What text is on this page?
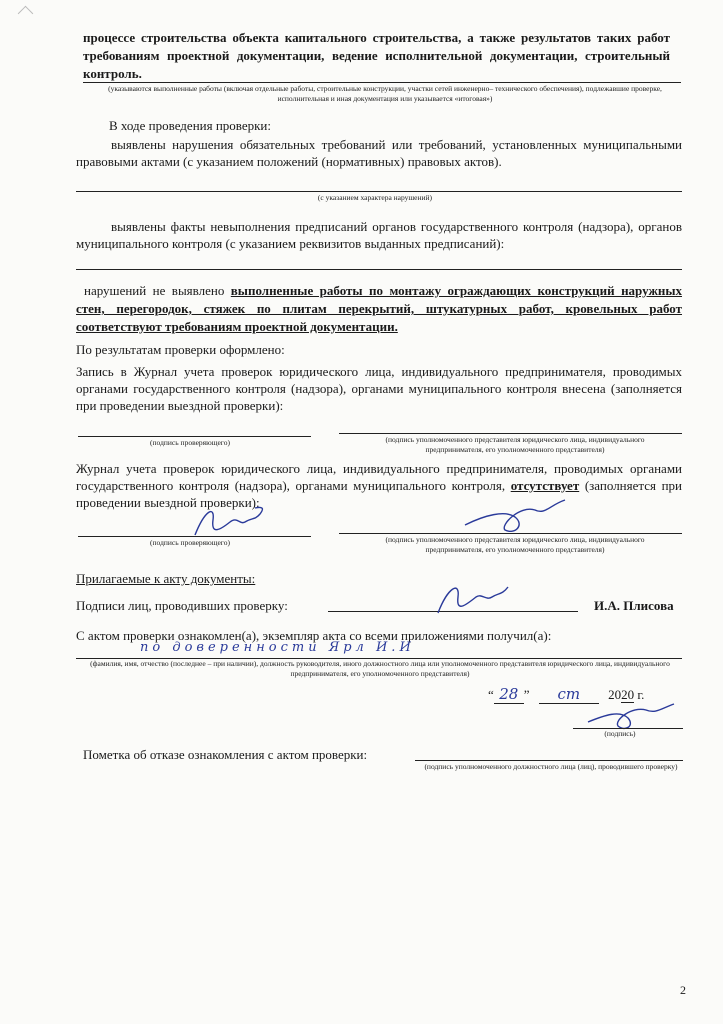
процессе строительства объекта капитального строительства, а также результатов таких работ требованиям проектной документации, ведение исполнительной документации, строительный контроль.
(указываются выполненные работы (включая отдельные работы, строительные конструкции, участки сетей инженерно– технического обеспечения), подлежавшие проверке, исполнительная и иная документация или указывается «итоговая»)
В ходе проведения проверки:
выявлены нарушения обязательных требований или требований, установленных муниципальными правовыми актами (с указанием положений (нормативных) правовых актов).
(с указанием характера нарушений)
выявлены факты невыполнения предписаний органов государственного контроля (надзора), органов муниципального контроля (с указанием реквизитов выданных предписаний):
нарушений не выявлено выполненные работы по монтажу ограждающих конструкций наружных стен, перегородок, стяжек по плитам перекрытий, штукатурных работ, кровельных работ соответствуют требованиям проектной документации.
По результатам проверки оформлено:
Запись в Журнал учета проверок юридического лица, индивидуального предпринимателя, проводимых органами государственного контроля (надзора), органами муниципального контроля внесена (заполняется при проведении выездной проверки):
(подпись проверяющего)	(подпись уполномоченного представителя юридического лица, индивидуального предпринимателя, его уполномоченного представителя)
Журнал учета проверок юридического лица, индивидуального предпринимателя, проводимых органами государственного контроля (надзора), органами муниципального контроля, отсутствует (заполняется при проведении выездной проверки):
(подпись проверяющего)	(подпись уполномоченного представителя юридического лица, индивидуального предпринимателя, его уполномоченного представителя)
Прилагаемые к акту документы:
Подписи лиц, проводивших проверку:	И.А. Плисова
С актом проверки ознакомлен(а), экземпляр акта со всеми приложениями получил(а):
по доверенности Ярл И.И
(фамилия, имя, отчество (последнее – при наличии), должность руководителя, иного должностного лица или уполномоченного представителя юридического лица, индивидуального предпринимателя, его уполномоченного представителя)
“ 28 ” ст 2020 г.
(подпись)
Пометка об отказе ознакомления с актом проверки:
(подпись уполномоченного должностного лица (лиц), проводившего проверку)
2
